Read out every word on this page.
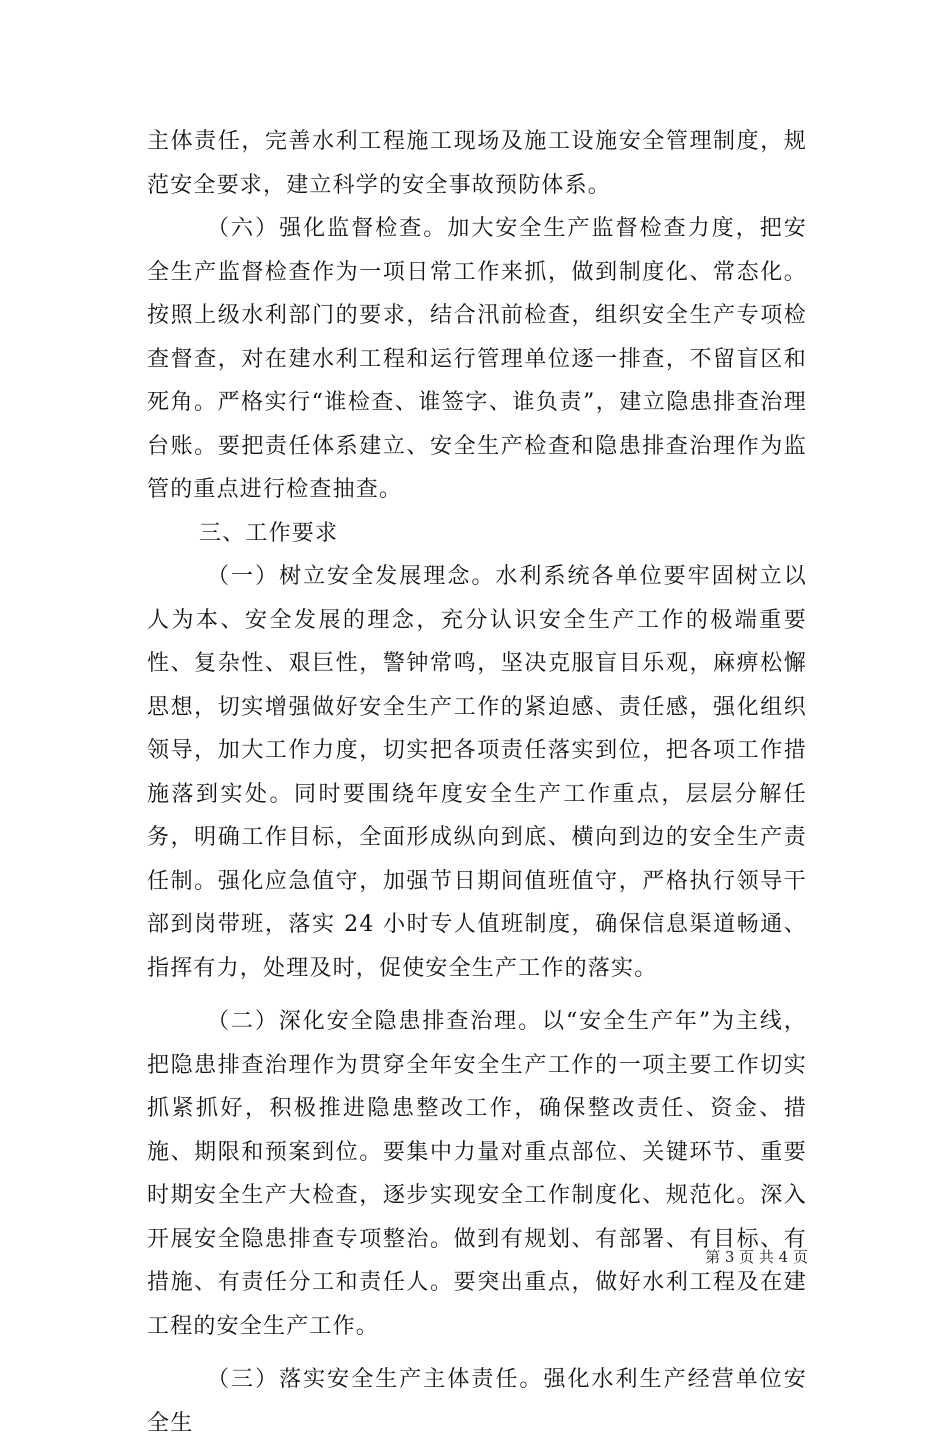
主体责任，完善水利工程施工现场及施工设施安全管理制度，规范安全要求，建立科学的安全事故预防体系。

（六）强化监督检查。加大安全生产监督检查力度，把安全生产监督检查作为一项日常工作来抓，做到制度化、常态化。按照上级水利部门的要求，结合汛前检查，组织安全生产专项检查督查，对在建水利工程和运行管理单位逐一排查，不留盲区和死角。严格实行“谁检查、谁签字、谁负责”，建立隐患排查治理台账。要把责任体系建立、安全生产检查和隐患排查治理作为监管的重点进行检查抽查。

三、工作要求

（一）树立安全发展理念。水利系统各单位要牢固树立以人为本、安全发展的理念，充分认识安全生产工作的极端重要性、复杂性、艰巨性，警钟常鸣，坚决克服盲目乐观，麻痹松懈思想，切实增强做好安全生产工作的紧迫感、责任感，强化组织领导，加大工作力度，切实把各项责任落实到位，把各项工作措施落到实处。同时要围绕年度安全生产工作重点，层层分解任务，明确工作目标，全面形成纵向到底、横向到边的安全生产责任制。强化应急值守，加强节日期间值班值守，严格执行领导干部到岗带班，落实 24 小时专人值班制度，确保信息渠道畅通、指挥有力，处理及时，促使安全生产工作的落实。

（二）深化安全隐患排查治理。以“安全生产年”为主线，把隐患排查治理作为贯穿全年安全生产工作的一项主要工作切实抓紧抓好，积极推进隐患整改工作，确保整改责任、资金、措施、期限和预案到位。要集中力量对重点部位、关键环节、重要时期安全生产大检查，逐步实现安全工作制度化、规范化。深入开展安全隐患排查专项整治。做到有规划、有部署、有目标、有措施、有责任分工和责任人。要突出重点，做好水利工程及在建工程的安全生产工作。

（三）落实安全生产主体责任。强化水利生产经营单位安全生

第 3 页 共 4 页
